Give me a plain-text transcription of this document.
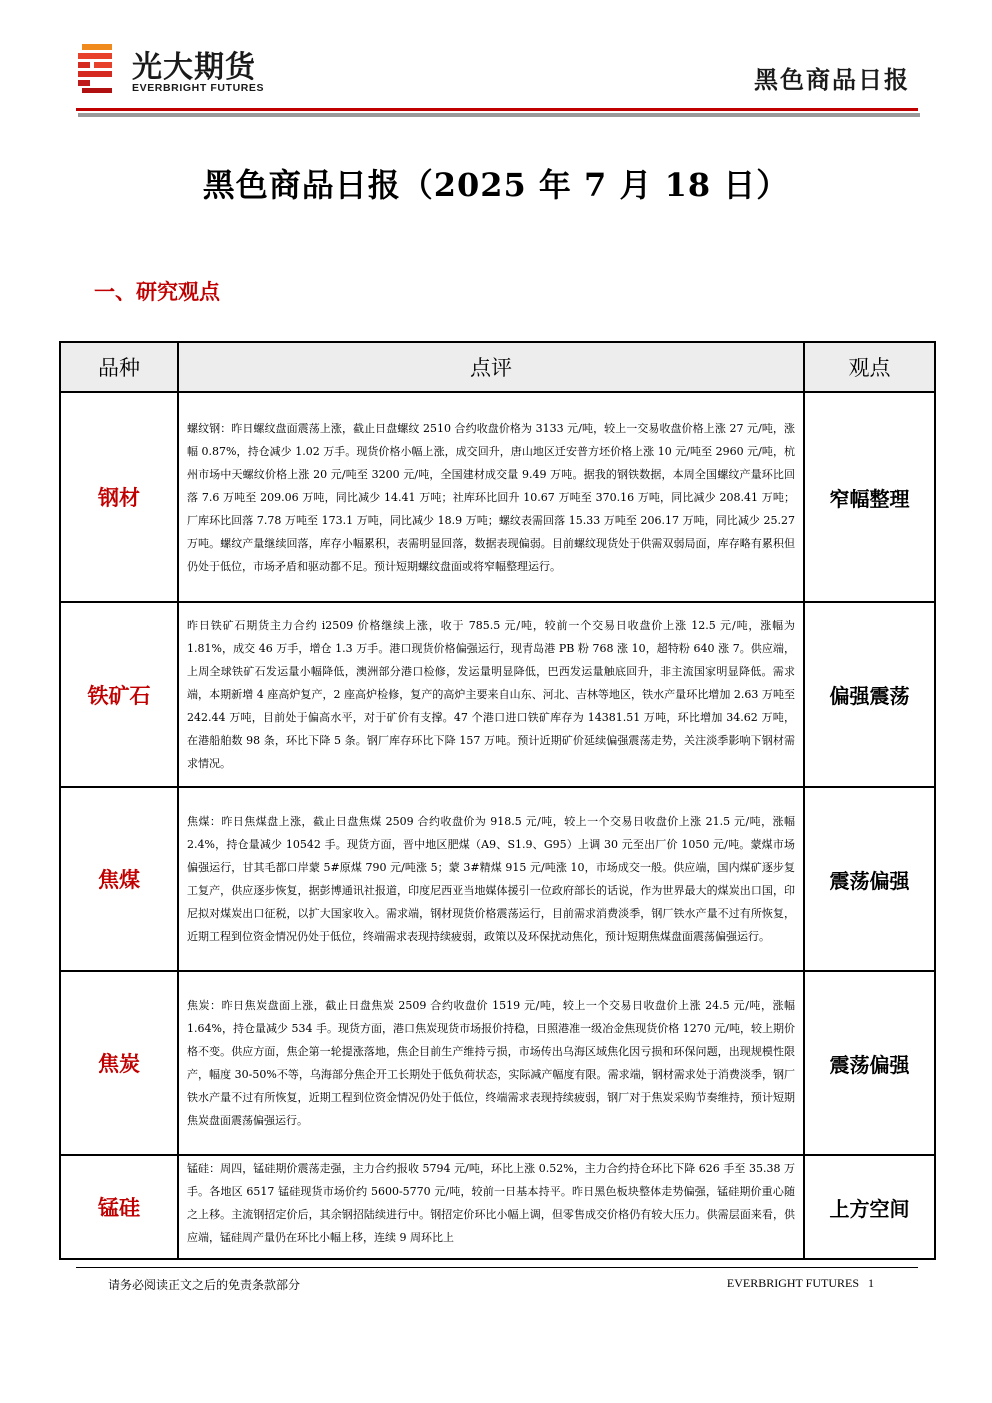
光大期货
EVERBRIGHT FUTURES	黑色商品日报
黑色商品日报（2025 年 7 月 18 日）
一、研究观点
品种	点评	观点
钢材	螺纹钢：昨日螺纹盘面震荡上涨，截止日盘螺纹 2510 合约收盘价格为 3133 元/吨，较上一交易收盘价格上涨 27 元/吨，涨幅 0.87%，持仓减少 1.02 万手。现货价格小幅上涨，成交回升，唐山地区迁安普方坯价格上涨 10 元/吨至 2960 元/吨，杭州市场中天螺纹价格上涨 20 元/吨至 3200 元/吨，全国建材成交量 9.49 万吨。据我的钢铁数据，本周全国螺纹产量环比回落 7.6 万吨至 209.06 万吨，同比减少 14.41 万吨；社库环比回升 10.67 万吨至 370.16 万吨，同比减少 208.41 万吨；厂库环比回落 7.78 万吨至 173.1 万吨，同比减少 18.9 万吨；螺纹表需回落 15.33 万吨至 206.17 万吨，同比减少 25.27 万吨。螺纹产量继续回落，库存小幅累积，表需明显回落，数据表现偏弱。目前螺纹现货处于供需双弱局面，库存略有累积但仍处于低位，市场矛盾和驱动都不足。预计短期螺纹盘面或将窄幅整理运行。	窄幅整理
铁矿石	昨日铁矿石期货主力合约 i2509 价格继续上涨，收于 785.5 元/吨，较前一个交易日收盘价上涨 12.5 元/吨，涨幅为 1.81%，成交 46 万手，增仓 1.3 万手。港口现货价格偏强运行，现青岛港 PB 粉 768 涨 10，超特粉 640 涨 7。供应端，上周全球铁矿石发运量小幅降低，澳洲部分港口检修，发运量明显降低，巴西发运量触底回升，非主流国家明显降低。需求端，本期新增 4 座高炉复产，2 座高炉检修，复产的高炉主要来自山东、河北、吉林等地区，铁水产量环比增加 2.63 万吨至 242.44 万吨，目前处于偏高水平，对于矿价有支撑。47 个港口进口铁矿库存为 14381.51 万吨，环比增加 34.62 万吨，在港船舶数 98 条，环比下降 5 条。钢厂库存环比下降 157 万吨。预计近期矿价延续偏强震荡走势，关注淡季影响下钢材需求情况。	偏强震荡
焦煤	焦煤：昨日焦煤盘上涨，截止日盘焦煤 2509 合约收盘价为 918.5 元/吨，较上一个交易日收盘价上涨 21.5 元/吨，涨幅 2.4%，持仓量减少 10542 手。现货方面，晋中地区肥煤（A9、S1.9、G95）上调 30 元至出厂价 1050 元/吨。蒙煤市场偏强运行，甘其毛都口岸蒙 5#原煤 790 元/吨涨 5；蒙 3#精煤 915 元/吨涨 10，市场成交一般。供应端，国内煤矿逐步复工复产，供应逐步恢复，据彭博通讯社报道，印度尼西亚当地媒体援引一位政府部长的话说，作为世界最大的煤炭出口国，印尼拟对煤炭出口征税，以扩大国家收入。需求端，钢材现货价格震荡运行，目前需求消费淡季，钢厂铁水产量不过有所恢复，近期工程到位资金情况仍处于低位，终端需求表现持续疲弱，政策以及环保扰动焦化，预计短期焦煤盘面震荡偏强运行。	震荡偏强
焦炭	焦炭：昨日焦炭盘面上涨，截止日盘焦炭 2509 合约收盘价 1519 元/吨，较上一个交易日收盘价上涨 24.5 元/吨，涨幅 1.64%，持仓量减少 534 手。现货方面，港口焦炭现货市场报价持稳，日照港准一级冶金焦现货价格 1270 元/吨，较上期价格不变。供应方面，焦企第一轮提涨落地，焦企目前生产维持亏损，市场传出乌海区域焦化因亏损和环保问题，出现规模性限产，幅度 30-50%不等，乌海部分焦企开工长期处于低负荷状态，实际减产幅度有限。需求端，钢材需求处于消费淡季，钢厂铁水产量不过有所恢复，近期工程到位资金情况仍处于低位，终端需求表现持续疲弱，钢厂对于焦炭采购节奏维持，预计短期焦炭盘面震荡偏强运行。	震荡偏强
锰硅	锰硅：周四，锰硅期价震荡走强，主力合约报收 5794 元/吨，环比上涨 0.52%，主力合约持仓环比下降 626 手至 35.38 万手。各地区 6517 锰硅现货市场价约 5600-5770 元/吨，较前一日基本持平。昨日黑色板块整体走势偏强，锰硅期价重心随之上移。主流钢招定价后，其余钢招陆续进行中。钢招定价环比小幅上调，但零售成交价格仍有较大压力。供需层面来看，供应端，锰硅周产量仍在环比小幅上移，连续 9 周环比上	上方空间
请务必阅读正文之后的免责条款部分	EVERBRIGHT FUTURES 1
